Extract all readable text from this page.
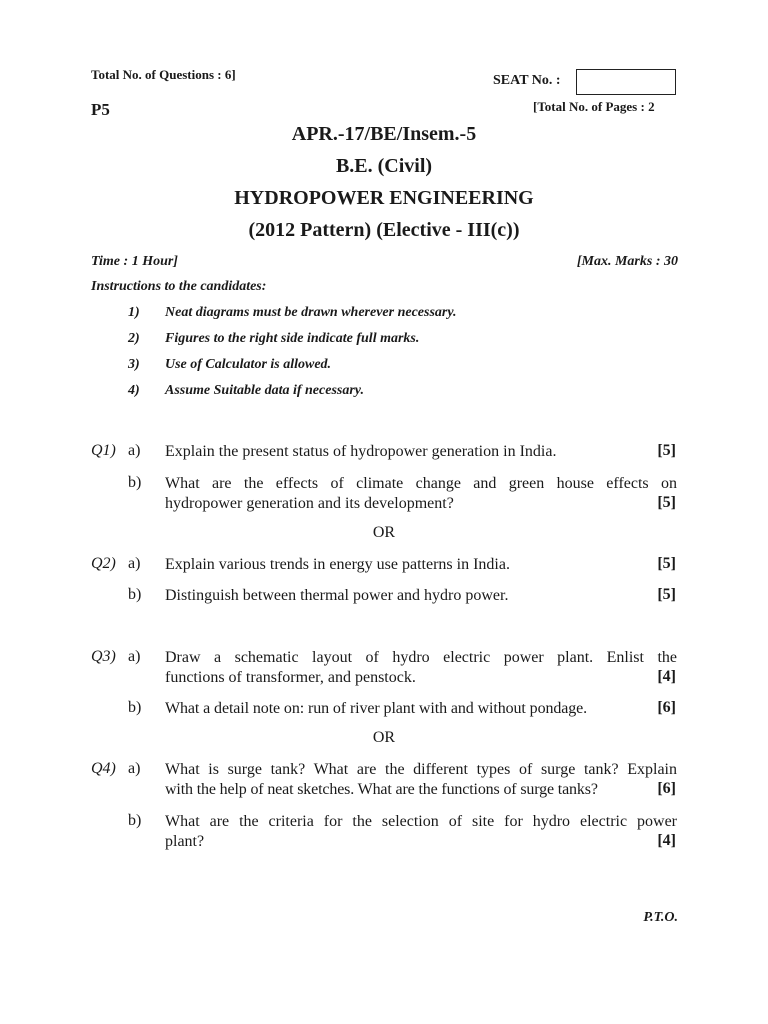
Total No. of Questions : 6]	SEAT No. :
P5	[Total No. of Pages : 2
APR.-17/BE/Insem.-5
B.E. (Civil)
HYDROPOWER ENGINEERING
(2012 Pattern) (Elective - III(c))
Time : 1 Hour]	[Max. Marks : 30
Instructions to the candidates:
1) Neat diagrams must be drawn wherever necessary.
2) Figures to the right side indicate full marks.
3) Use of Calculator is allowed.
4) Assume Suitable data if necessary.
Q1) a) Explain the present status of hydropower generation in India.	[5]
b) What are the effects of climate change and green house effects on
hydropower generation and its development?	[5]
OR
Q2) a) Explain various trends in energy use patterns in India.	[5]
b) Distinguish between thermal power and hydro power.	[5]
Q3) a) Draw a schematic layout of hydro electric power plant. Enlist the
functions of transformer, and penstock.	[4]
b) What a detail note on: run of river plant with and without pondage.	[6]
OR
Q4) a) What is surge tank? What are the different types of surge tank? Explain
with the help of neat sketches. What are the functions of surge tanks?	[6]
b) What are the criteria for the selection of site for hydro electric power
plant?	[4]
P.T.O.
